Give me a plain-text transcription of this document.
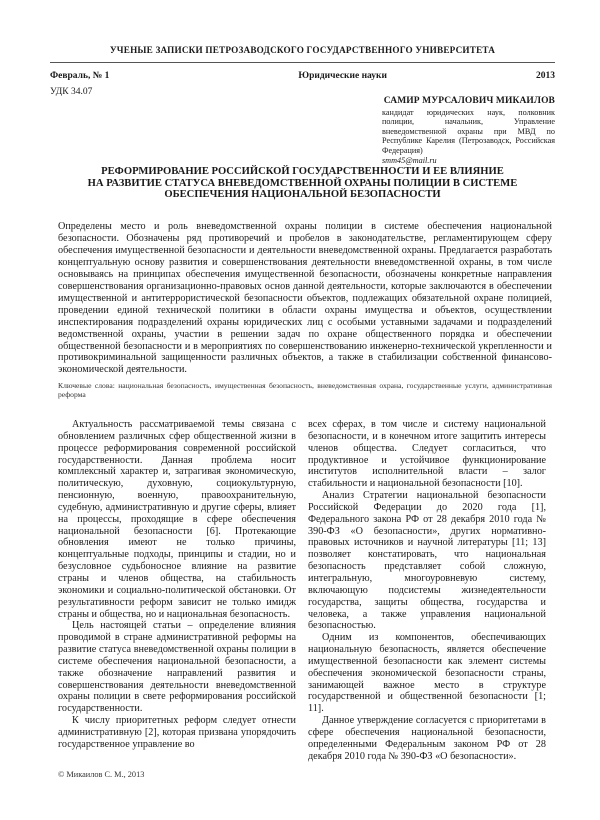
УЧЕНЫЕ ЗАПИСКИ ПЕТРОЗАВОДСКОГО ГОСУДАРСТВЕННОГО УНИВЕРСИТЕТА
Февраль, № 1	Юридические науки	2013
УДК 34.07
САМИР МУРСАЛОВИЧ МИКАИЛОВ
кандидат юридических наук, полковник полиции, начальник, Управление вневедомственной охраны при МВД по Республике Карелия (Петрозаводск, Российская Федерация)
smm45@mail.ru
РЕФОРМИРОВАНИЕ РОССИЙСКОЙ ГОСУДАРСТВЕННОСТИ И ЕЕ ВЛИЯНИЕ
НА РАЗВИТИЕ СТАТУСА ВНЕВЕДОМСТВЕННОЙ ОХРАНЫ ПОЛИЦИИ В СИСТЕМЕ
ОБЕСПЕЧЕНИЯ НАЦИОНАЛЬНОЙ БЕЗОПАСНОСТИ
Определены место и роль вневедомственной охраны полиции в системе обеспечения национальной безопасности. Обозначены ряд противоречий и пробелов в законодательстве, регламентирующем сферу обеспечения имущественной безопасности и деятельности вневедомственной охраны. Предлагается разработать концептуальную основу развития и совершенствования деятельности вневедомственной охраны, в том числе основываясь на принципах обеспечения имущественной безопасности, обозначены конкретные направления совершенствования организационно-правовых основ данной деятельности, которые заключаются в обеспечении имущественной и антитеррористической безопасности объектов, подлежащих обязательной охране полицией, проведении единой технической политики в области охраны имущества и объектов, осуществлении инспектирования подразделений охраны юридических лиц с особыми уставными задачами и подразделений ведомственной охраны, участии в решении задач по охране общественного порядка и обеспечении общественной безопасности и в мероприятиях по совершенствованию инженерно-технической укрепленности и противокриминальной защищенности различных объектов, а также в стабилизации собственной финансово-экономической деятельности.
Ключевые слова: национальная безопасность, имущественная безопасность, вневедомственная охрана, государственные услуги, административная реформа

Актуальность рассматриваемой темы связана с обновлением различных сфер общественной жизни в процессе реформирования современной российской государственности. Данная проблема носит комплексный характер и, затрагивая экономическую, политическую, духовную, социокультурную, пенсионную, военную, правоохранительную, судебную, административную и другие сферы, влияет на процессы, проходящие в сфере обеспечения национальной безопасности [6]. Протекающие обновления имеют не только причины, концептуальные подходы, принципы и стадии, но и безусловное судьбоносное влияние на развитие страны и членов общества, на стабильность экономики и социально-политической обстановки. От результативности реформ зависит не только имидж страны и общества, но и национальная безопасность.

Цель настоящей статьи – определение влияния проводимой в стране административной реформы на развитие статуса вневедомственной охраны полиции в системе обеспечения национальной безопасности, а также обозначение направлений развития и совершенствования деятельности вневедомственной охраны полиции в свете реформирования российской государственности.

К числу приоритетных реформ следует отнести административную [2], которая призвана упорядочить государственное управление во

всех сферах, в том числе и систему национальной безопасности, и в конечном итоге защитить интересы членов общества. Следует согласиться, что продуктивное и устойчивое функционирование институтов исполнительной власти – залог стабильности и национальной безопасности [10].

Анализ Стратегии национальной безопасности Российской Федерации до 2020 года [1], Федерального закона РФ от 28 декабря 2010 года № 390-ФЗ «О безопасности», других нормативно-правовых источников и научной литературы [11; 13] позволяет констатировать, что национальная безопасность представляет собой сложную, интегральную, многоуровневую систему, включающую подсистемы жизнедеятельности государства, защиты общества, государства и человека, а также управления национальной безопасностью.

Одним из компонентов, обеспечивающих национальную безопасность, является обеспечение имущественной безопасности как элемент системы обеспечения экономической безопасности страны, занимающей важное место в структуре государственной и общественной безопасности [1; 11].

Данное утверждение согласуется с приоритетами в сфере обеспечения национальной безопасности, определенными Федеральным законом РФ от 28 декабря 2010 года № 390-ФЗ «О безопасности».

© Микаилов С. М., 2013
